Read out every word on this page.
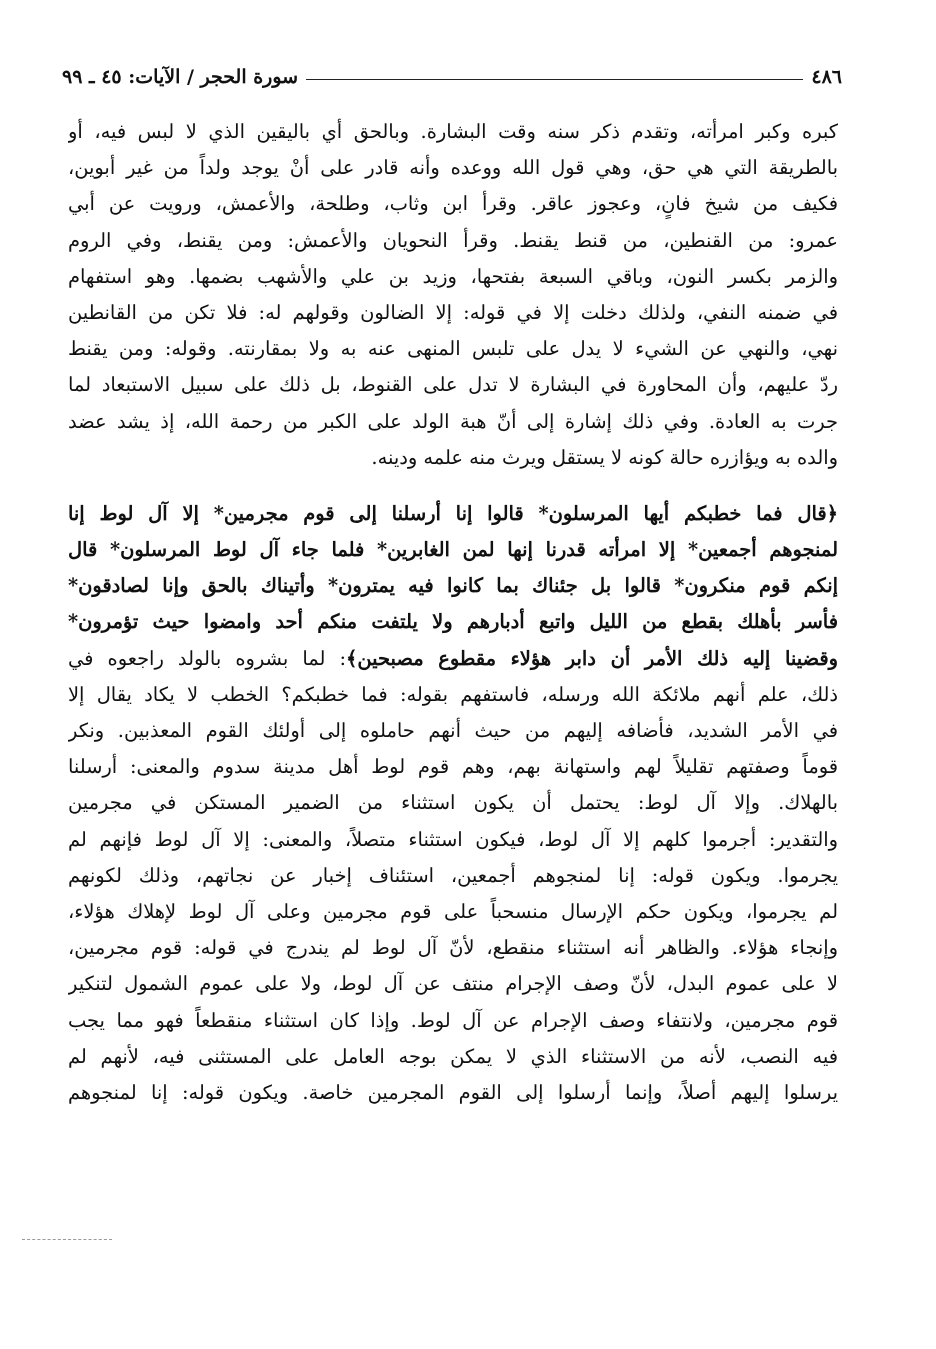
٤٨٦
سورة الحجر / الآيات: ٤٥ ـ ٩٩
كبره وكبر امرأته، وتقدم ذكر سنه وقت البشارة. وبالحق أي باليقين الذي لا لبس فيه، أو
بالطريقة التي هي حق، وهي قول الله ووعده وأنه قادر على أنْ يوجد ولداً من غير أبوين،
فكيف من شيخ فانٍ، وعجوز عاقر. وقرأ ابن وثاب، وطلحة، والأعمش، ورويت عن أبي
عمرو: من القنطين، من قنط يقنط. وقرأ النحويان والأعمش: ومن يقنط، وفي الروم
والزمر بكسر النون، وباقي السبعة بفتحها، وزيد بن علي والأشهب بضمها. وهو استفهام
في ضمنه النفي، ولذلك دخلت إلا في قوله: إلا الضالون وقولهم له: فلا تكن من القانطين
نهي، والنهي عن الشيء لا يدل على تلبس المنهى عنه به ولا بمقارنته. وقوله: ومن يقنط
ردّ عليهم، وأن المحاورة في البشارة لا تدل على القنوط، بل ذلك على سبيل الاستبعاد لما
جرت به العادة. وفي ذلك إشارة إلى أنّ هبة الولد على الكبر من رحمة الله، إذ يشد عضد
والده به ويؤازره حالة كونه لا يستقل ويرث منه علمه ودينه.
﴿قال فما خطبكم أيها المرسلون* قالوا إنا أرسلنا إلى قوم مجرمين* إلا آل لوط إنا
لمنجوهم أجمعين* إلا امرأته قدرنا إنها لمن الغابرين* فلما جاء آل لوط المرسلون* قال
إنكم قوم منكرون* قالوا بل جئناك بما كانوا فيه يمترون* وأتيناك بالحق وإنا لصادقون*
فأسر بأهلك بقطع من الليل واتبع أدبارهم ولا يلتفت منكم أحد وامضوا حيث تؤمرون*
وقضينا إليه ذلك الأمر أن دابر هؤلاء مقطوع مصبحين﴾: لما بشروه بالولد راجعوه في
ذلك، علم أنهم ملائكة الله ورسله، فاستفهم بقوله: فما خطبكم؟ الخطب لا يكاد يقال إلا
في الأمر الشديد، فأضافه إليهم من حيث أنهم حاملوه إلى أولئك القوم المعذبين. ونكر
قوماً وصفتهم تقليلاً لهم واستهانة بهم، وهم قوم لوط أهل مدينة سدوم والمعنى: أرسلنا
بالهلاك. وإلا آل لوط: يحتمل أن يكون استثناء من الضمير المستكن في مجرمين
والتقدير: أجرموا كلهم إلا آل لوط، فيكون استثناء متصلاً، والمعنى: إلا آل لوط فإنهم لم
يجرموا. ويكون قوله: إنا لمنجوهم أجمعين، استئناف إخبار عن نجاتهم، وذلك لكونهم
لم يجرموا، ويكون حكم الإرسال منسحباً على قوم مجرمين وعلى آل لوط لإهلاك هؤلاء،
وإنجاء هؤلاء. والظاهر أنه استثناء منقطع، لأنّ آل لوط لم يندرج في قوله: قوم مجرمين،
لا على عموم البدل، لأنّ وصف الإجرام منتف عن آل لوط، ولا على عموم الشمول لتنكير
قوم مجرمين، ولانتفاء وصف الإجرام عن آل لوط. وإذا كان استثناء منقطعاً فهو مما يجب
فيه النصب، لأنه من الاستثناء الذي لا يمكن بوجه العامل على المستثنى فيه، لأنهم لم
يرسلوا إليهم أصلاً، وإنما أرسلوا إلى القوم المجرمين خاصة. ويكون قوله: إنا لمنجوهم
